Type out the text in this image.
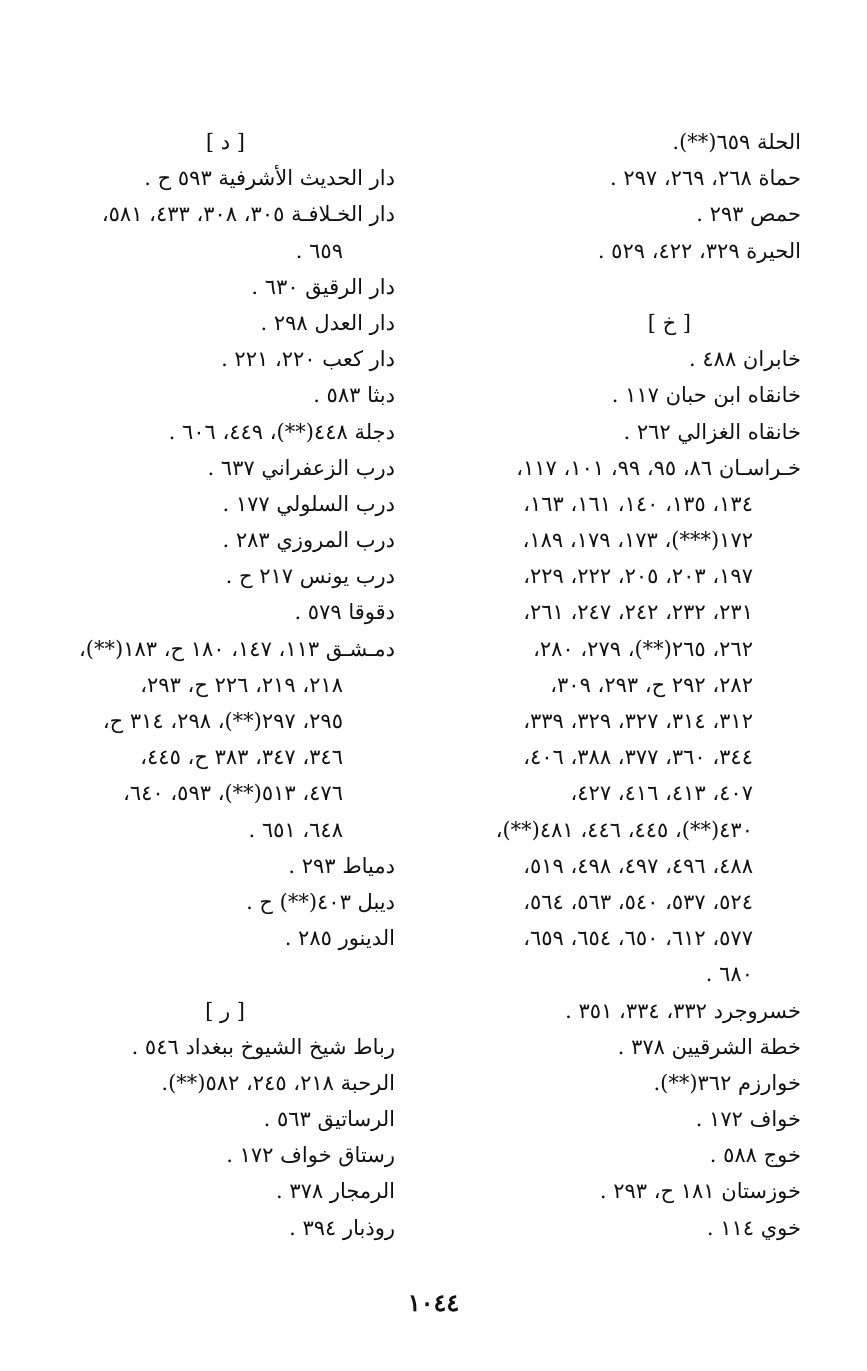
الحلة ٦٥٩(**).
حماة ٢٦٨، ٢٦٩، ٢٩٧ .
حمص ٢٩٣ .
الحيرة ٣٢٩، ٤٢٢، ٥٢٩ .
[ خ ]
خابران ٤٨٨ .
خانقاه ابن حبان ١١٧ .
خانقاه الغزالي ٢٦٢ .
خـراسـان ٨٦، ٩٥، ٩٩، ١٠١، ١١٧،
١٣٤، ١٣٥، ١٤٠، ١٦١، ١٦٣،
١٧٢(***)، ١٧٣، ١٧٩، ١٨٩،
١٩٧، ٢٠٣، ٢٠٥، ٢٢٢، ٢٢٩،
٢٣١، ٢٣٢، ٢٤٢، ٢٤٧، ٢٦١،
٢٦٢، ٢٦٥(**)، ٢٧٩، ٢٨٠،
٢٨٢، ٢٩٢ ح، ٢٩٣، ٣٠٩،
٣١٢، ٣١٤، ٣٢٧، ٣٢٩، ٣٣٩،
٣٤٤، ٣٦٠، ٣٧٧، ٣٨٨، ٤٠٦،
٤٠٧، ٤١٣، ٤١٦، ٤٢٧،
٤٣٠(**)، ٤٤٥، ٤٤٦، ٤٨١(**)،
٤٨٨، ٤٩٦، ٤٩٧، ٤٩٨، ٥١٩،
٥٢٤، ٥٣٧، ٥٤٠، ٥٦٣، ٥٦٤،
٥٧٧، ٦١٢، ٦٥٠، ٦٥٤، ٦٥٩،
٦٨٠ .
خسروجرد ٣٣٢، ٣٣٤، ٣٥١ .
خطة الشرقيين ٣٧٨ .
خوارزم ٣٦٢(**).
خواف ١٧٢ .
خوج ٥٨٨ .
خوزستان ١٨١ ح، ٢٩٣ .
خوي ١١٤ .
[ د ]
دار الحديث الأشرفية ٥٩٣ ح .
دار الخـلافـة ٣٠٥، ٣٠٨، ٤٣٣، ٥٨١،
٦٥٩ .
دار الرقيق ٦٣٠ .
دار العدل ٢٩٨ .
دار كعب ٢٢٠، ٢٢١ .
دبثا ٥٨٣ .
دجلة ٤٤٨(**)، ٤٤٩، ٦٠٦ .
درب الزعفراني ٦٣٧ .
درب السلولي ١٧٧ .
درب المروزي ٢٨٣ .
درب يونس ٢١٧ ح .
دقوقا ٥٧٩ .
دمـشـق ١١٣، ١٤٧، ١٨٠ ح، ١٨٣(**)،
٢١٨، ٢١٩، ٢٢٦ ح، ٢٩٣،
٢٩٥، ٢٩٧(**)، ٢٩٨، ٣١٤ ح،
٣٤٦، ٣٤٧، ٣٨٣ ح، ٤٤٥،
٤٧٦، ٥١٣(**)، ٥٩٣، ٦٤٠،
٦٤٨، ٦٥١ .
دمياط ٢٩٣ .
ديبل ٤٠٣(**) ح .
الدينور ٢٨٥ .
[ ر ]
رباط شيخ الشيوخ ببغداد ٥٤٦ .
الرحبة ٢١٨، ٢٤٥، ٥٨٢(**).
الرساتيق ٥٦٣ .
رستاق خواف ١٧٢ .
الرمجار ٣٧٨ .
روذبار ٣٩٤ .
١٠٤٤
